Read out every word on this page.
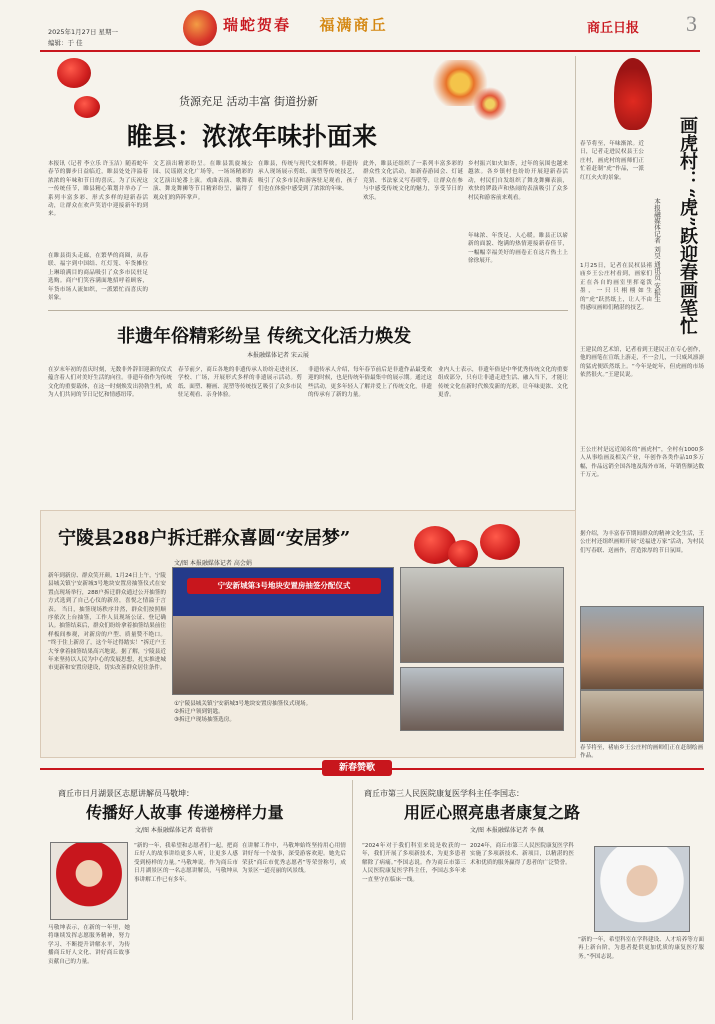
2025年1月27日 星期一
编辑：于 佳
瑞蛇贺春 福满商丘	商丘日报 3
货源充足 活动丰富 街道扮新
睢县：浓浓年味扑面来
本报讯（记者 李立乐 许玉洁）随着蛇年春节的脚步日益临近，睢县处处洋溢着浓浓的年味和节日的喜庆。为了庆祝这一传统佳节，睢县精心策划并举办了一系列丰富多彩、形式多样的迎新春活动，让群众在欢声笑语中迎接新年的到来。
在睢县街头走廊，在繁华的商圈，从春联、福字到中国结、红灯笼、年货摊位上琳琅满目的商品吸引了众多市民驻足选购。商户们笑容满面地招呼着顾客，年货市场人流如织，一派繁忙而喜庆的景象。
文艺演出精彩纷呈。在睢县凯旋城公园、民谣剧文化广场等，一场场精彩的文艺演出轮番上演。戏曲表演、歌舞表演、舞龙舞狮等节目精彩纷呈，赢得了观众们的阵阵掌声。
在睢县，传统与现代交相辉映。非遗传承人现场展示剪纸、面塑等传统技艺，吸引了众多市民和游客驻足观看，孩子们也在体验中感受到了浓浓的年味。
此外，睢县还组织了一系列丰富多彩的群众性文化活动，如新春游园会、灯谜竞猜、书法家义写春联等，让群众在参与中感受传统文化的魅力，享受节日的欢乐。
乡村振兴如火如荼，过年的氛围也越来越浓。各乡镇村也纷纷开展迎新春活动，村民们自发组织了舞龙舞狮表演，欢快的锣鼓声和热闹的表演吸引了众多村民和游客前来观看。
年味浓、年货足、人心暖。睢县正以崭新的面貌、饱满的热情迎接新春佳节，一幅幅幸福美好的画卷正在这片热土上徐徐展开。
非遗年俗精彩纷呈 传统文化活力焕发
本报融媒体记者 宋云展
在岁末年初的喜庆时刻，无数非外辞旧迎新的仪式蕴含着人们对美好生活的向往。非遗年俗作为传统文化的重要载体，在这一时刻焕发出勃勃生机，成为人们共同的节日记忆和情感纽带。
春节前夕，商丘各地的非遗传承人纷纷走进社区、学校、广场，开展形式多样的非遗展示活动。剪纸、面塑、糖画、泥塑等传统技艺吸引了众多市民驻足观看、亲身体验。
非遗传承人介绍，每年春节前后是非遗作品最受欢迎的时候，也是传统年俗最集中的展示期。通过这些活动，更多年轻人了解并爱上了传统文化，非遗的传承有了新的力量。
业内人士表示，非遗年俗是中华优秀传统文化的重要组成部分，只有让非遗走进生活、融入当下，才能让传统文化在新时代焕发新的光彩，让年味更浓、文化更香。
宁陵县288户拆迁群众喜圆“安居梦”
文/图 本报融媒体记者 高会娟
新年到新房、群众笑开颜。1月24日上午，宁陵县城关镇宁安新城3号地块安置房抽签仪式在安置点现场举行，288户拆迁群众通过公开抽签的方式选到了自己心仪的新房，喜悦之情溢于言表。 当日，抽签现场秩序井然，群众们按照顺序依次上台抽签，工作人员现场公证、登记确认。抽签结束后，群众们纷纷拿着抽签结果前往样板间参观，对新房的户型、质量赞不绝口。 “终于住上新房了，这个年过得踏实！”拆迁户王大爷拿着抽签结果高兴地说。据了解，宁陵县近年来坚持以人民为中心的发展思想，扎实推进城市更新和安置房建设，切实改善群众居住条件。
宁安新城第3号地块安置房抽签分配仪式
①宁陵县城关镇宁安新城3号地块安置房抽签仪式现场。
②拆迁户领到钥匙。
③拆迁户现场抽签选房。
春节将至，年味渐浓。近日，记者走进民权县王公庄村，画虎村的画师们正忙着赶制“虎”作品，一派红红火火的景象。	画虎村：“虎”跃迎春画笔忙
本报融媒体记者 刘昊 通讯员 安振生
1月25日，记者在民权县褚庙乡王公庄村看到，画家们正在各自的画室里挥毫泼墨，一只只栩栩如生的“虎”跃然纸上，让人不由得感叹画师们精湛的技艺。
王建民的艺术馆，记者看到王建民正在专心创作，他的画笔在宣纸上游走，不一会儿，一只威风凛凛的猛虎便跃然纸上。“今年是蛇年，但虎画的市场依然很火。”王建民说。
王公庄村是远近闻名的“画虎村”，全村有1000多人从事绘画及相关产业，年创作各类作品10多万幅，作品远销全国各地及海外市场，年销售额达数千万元。
据介绍，为丰富春节期间群众的精神文化生活，王公庄村还组织画师开展“送福进万家”活动，为村民们写春联、送画作，营造浓厚的节日氛围。
春节将至，褚庙乡王公庄村的画师们正在赶制绘画作品。
新春赞歌
商丘市日月湖景区志愿讲解员马敬坤：
传播好人故事 传递榜样力量
文/图 本报融媒体记者 葛蓓蓓
马敬坤表示，在新的一年里，她将继续发挥志愿服务精神，努力学习、不断提升讲解水平，为传播商丘好人文化、讲好商丘故事贡献自己的力量。
“新的一年，我希望和志愿者们一起，把商丘好人的故事讲给更多人听，让更多人感受到榜样的力量。”马敬坤说。作为商丘市日月湖景区的一名志愿讲解员，马敬坤从事讲解工作已有多年。
在讲解工作中，马敬坤始终坚持用心用情讲好每一个故事，深受游客欢迎。她先后荣获“商丘市优秀志愿者”等荣誉称号，成为景区一道亮丽的风景线。
商丘市第三人民医院康复医学科主任李国志：
用匠心照亮患者康复之路
文/图 本报融媒体记者 李 佩
“2024年对于我们科室来说是收获的一年，我们开展了多项新技术，为更多患者解除了病痛。”李国志说。作为商丘市第三人民医院康复医学科主任，李国志多年来一直坚守在临床一线。
2024年，商丘市第三人民医院康复医学科实施了多项新技术、新项目，以精湛的医术和优质的服务赢得了患者的广泛赞誉。
“新的一年，希望科室在学科建设、人才培养等方面再上新台阶，为患者提供更加优质的康复医疗服务。”李国志说。
